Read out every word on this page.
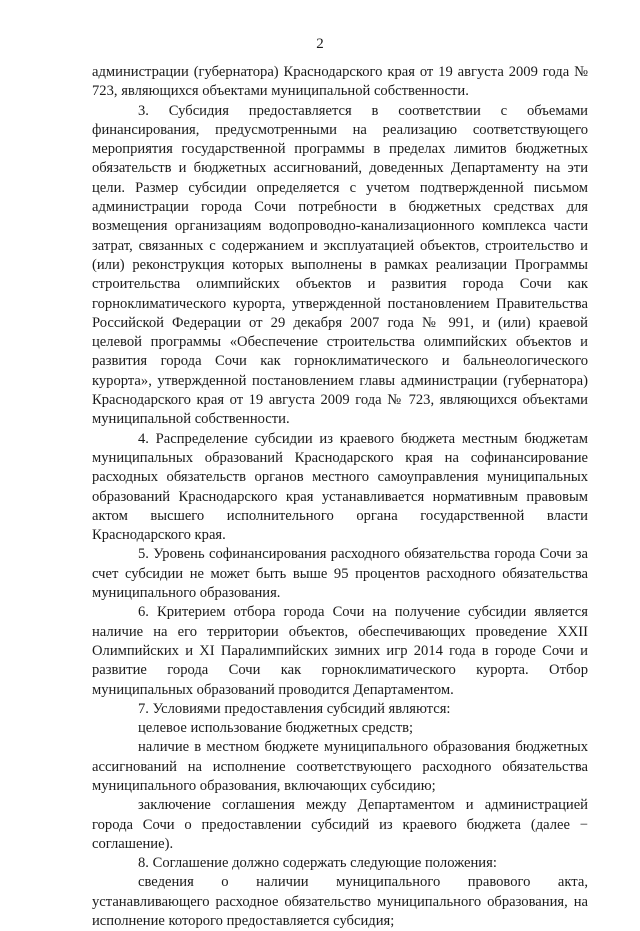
2

администрации (губернатора) Краснодарского края от 19 августа 2009 года № 723, являющихся объектами муниципальной собственности.

3. Субсидия предоставляется в соответствии с объемами финансирования, предусмотренными на реализацию соответствующего мероприятия государственной программы в пределах лимитов бюджетных обязательств и бюджетных ассигнований, доведенных Департаменту на эти цели. Размер субсидии определяется с учетом подтвержденной письмом администрации города Сочи потребности в бюджетных средствах для возмещения организациям водопроводно-канализационного комплекса части затрат, связанных с содержанием и эксплуатацией объектов, строительство и (или) реконструкция которых выполнены в рамках реализации Программы строительства олимпийских объектов и развития города Сочи как горноклиматического курорта, утвержденной постановлением Правительства Российской Федерации от 29 декабря 2007 года № 991, и (или) краевой целевой программы «Обеспечение строительства олимпийских объектов и развития города Сочи как горноклиматического и бальнеологического курорта», утвержденной постановлением главы администрации (губернатора) Краснодарского края от 19 августа 2009 года № 723, являющихся объектами муниципальной собственности.

4. Распределение субсидии из краевого бюджета местным бюджетам муниципальных образований Краснодарского края на софинансирование расходных обязательств органов местного самоуправления муниципальных образований Краснодарского края устанавливается нормативным правовым актом высшего исполнительного органа государственной власти Краснодарского края.

5. Уровень софинансирования расходного обязательства города Сочи за счет субсидии не может быть выше 95 процентов расходного обязательства муниципального образования.

6. Критерием отбора города Сочи на получение субсидии является наличие на его территории объектов, обеспечивающих проведение XXII Олимпийских и XI Паралимпийских зимних игр 2014 года в городе Сочи и развитие города Сочи как горноклиматического курорта. Отбор муниципальных образований проводится Департаментом.

7. Условиями предоставления субсидий являются:

целевое использование бюджетных средств;

наличие в местном бюджете муниципального образования бюджетных ассигнований на исполнение соответствующего расходного обязательства муниципального образования, включающих субсидию;

заключение соглашения между Департаментом и администрацией города Сочи о предоставлении субсидий из краевого бюджета (далее − соглашение).

8. Соглашение должно содержать следующие положения:

сведения о наличии муниципального правового акта, устанавливающего расходное обязательство муниципального образования, на исполнение которого предоставляется субсидия;
